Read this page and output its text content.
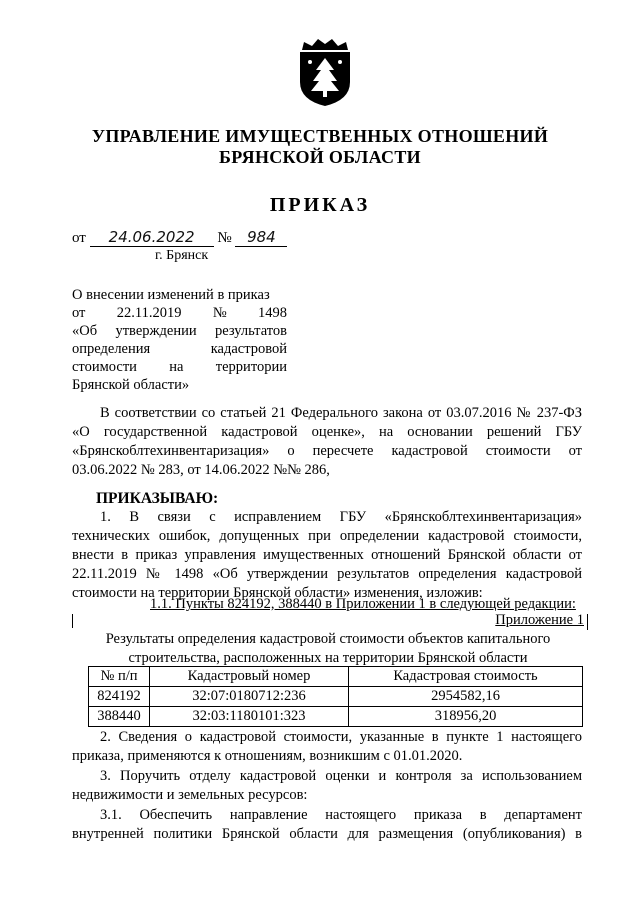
УПРАВЛЕНИЕ ИМУЩЕСТВЕННЫХ ОТНОШЕНИЙ
БРЯНСКОЙ ОБЛАСТИ
ПРИКАЗ
от 24.06.2022 № 984
г. Брянск
О внесении изменений в приказ
от 22.11.2019 № 1498
«Об утверждении результатов
определения	кадастровой
стоимости на территории
Брянской области»
В соответствии со статьей 21 Федерального закона от 03.07.2016 № 237-ФЗ
«О государственной кадастровой оценке», на основании решений ГБУ
«Брянскоблтехинвентаризация» о пересчете кадастровой стоимости от
03.06.2022 № 283, от 14.06.2022 №№ 286,
ПРИКАЗЫВАЮ:
1. В связи с исправлением ГБУ «Брянскоблтехинвентаризация»
технических ошибок, допущенных при определении кадастровой стоимости,
внести в приказ управления имущественных отношений Брянской области от
22.11.2019 № 1498 «Об утверждении результатов определения кадастровой
стоимости на территории Брянской области» изменения, изложив:
1.1. Пункты 824192, 388440 в Приложении 1 в следующей редакции:
Приложение 1
Результаты определения кадастровой стоимости объектов капитального
строительства, расположенных на территории Брянской области
№ п/п	Кадастровый номер	Кадастровая стоимость
824192	32:07:0180712:236	2954582,16
388440	32:03:1180101:323	318956,20
2. Сведения о кадастровой стоимости, указанные в пункте 1 настоящего
приказа, применяются к отношениям, возникшим с 01.01.2020.
3. Поручить отделу кадастровой оценки и контроля за использованием
недвижимости и земельных ресурсов:
3.1. Обеспечить направление настоящего приказа в департамент
внутренней политики Брянской области для размещения (опубликования) в
